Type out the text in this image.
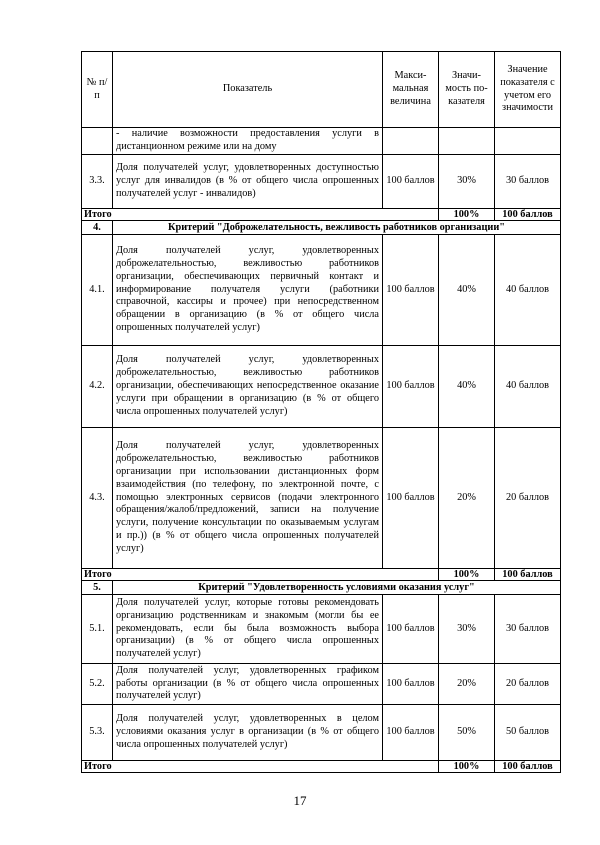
№ п/п	Показатель	Макси-мальная величина	Значи-мость по-казателя	Значение показателя с учетом его значимости
	- наличие возможности предоставления услуги в дистанционном режиме или на дому			
3.3.	Доля получателей услуг, удовлетворенных доступностью услуг для инвалидов (в % от общего числа опрошенных получателей услуг - инвалидов)	100 баллов	30%	30 баллов
Итого			100%	100 баллов
4.	Критерий "Доброжелательность, вежливость работников организации"			
4.1.	Доля получателей услуг, удовлетворенных доброжелательностью, вежливостью работников организации, обеспечивающих первичный контакт и информирование получателя услуги (работники справочной, кассиры и прочее) при непосредственном обращении в организацию (в % от общего числа опрошенных получателей услуг)	100 баллов	40%	40 баллов
4.2.	Доля получателей услуг, удовлетворенных доброжелательностью, вежливостью работников организации, обеспечивающих непосредственное оказание услуги при обращении в организацию (в % от общего числа опрошенных получателей услуг)	100 баллов	40%	40 баллов
4.3.	Доля получателей услуг, удовлетворенных доброжелательностью, вежливостью работников организации при использовании дистанционных форм взаимодействия (по телефону, по электронной почте, с помощью электронных сервисов (подачи электронного обращения/жалоб/предложений, записи на получение услуги, получение консультации по оказываемым услугам и пр.)) (в % от общего числа опрошенных получателей услуг)	100 баллов	20%	20 баллов
Итого			100%	100 баллов
5.	Критерий "Удовлетворенность условиями оказания услуг"			
5.1.	Доля получателей услуг, которые готовы рекомендовать организацию родственникам и знакомым (могли бы ее рекомендовать, если бы была возможность выбора организации) (в % от общего числа опрошенных получателей услуг)	100 баллов	30%	30 баллов
5.2.	Доля получателей услуг, удовлетворенных графиком работы организации (в % от общего числа опрошенных получателей услуг)	100 баллов	20%	20 баллов
5.3.	Доля получателей услуг, удовлетворенных в целом условиями оказания услуг в организации (в % от общего числа опрошенных получателей услуг)	100 баллов	50%	50 баллов
Итого			100%	100 баллов
17
